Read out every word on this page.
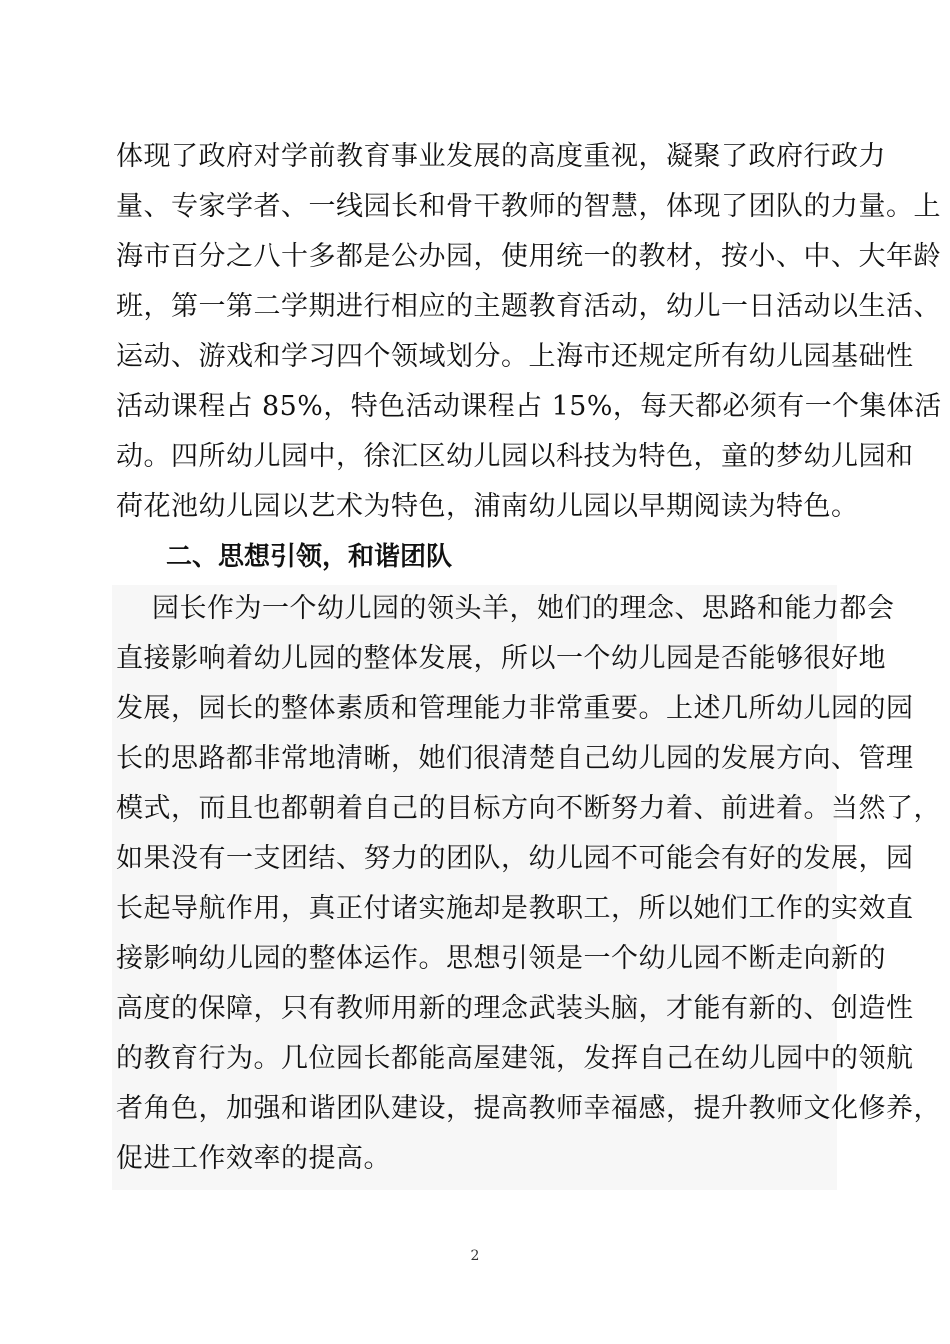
体现了政府对学前教育事业发展的高度重视，凝聚了政府行政力
量、专家学者、一线园长和骨干教师的智慧，体现了团队的力量。上
海市百分之八十多都是公办园，使用统一的教材，按小、中、大年龄
班，第一第二学期进行相应的主题教育活动，幼儿一日活动以生活、
运动、游戏和学习四个领域划分。上海市还规定所有幼儿园基础性
活动课程占 85%，特色活动课程占 15%，每天都必须有一个集体活
动。四所幼儿园中，徐汇区幼儿园以科技为特色，童的梦幼儿园和
荷花池幼儿园以艺术为特色，浦南幼儿园以早期阅读为特色。
二、思想引领，和谐团队
园长作为一个幼儿园的领头羊，她们的理念、思路和能力都会
直接影响着幼儿园的整体发展，所以一个幼儿园是否能够很好地
发展，园长的整体素质和管理能力非常重要。上述几所幼儿园的园
长的思路都非常地清晰，她们很清楚自己幼儿园的发展方向、管理
模式，而且也都朝着自己的目标方向不断努力着、前进着。当然了，
如果没有一支团结、努力的团队，幼儿园不可能会有好的发展，园
长起导航作用，真正付诸实施却是教职工，所以她们工作的实效直
接影响幼儿园的整体运作。思想引领是一个幼儿园不断走向新的
高度的保障，只有教师用新的理念武装头脑，才能有新的、创造性
的教育行为。几位园长都能高屋建瓴，发挥自己在幼儿园中的领航
者角色，加强和谐团队建设，提高教师幸福感，提升教师文化修养，
促进工作效率的提高。
2
